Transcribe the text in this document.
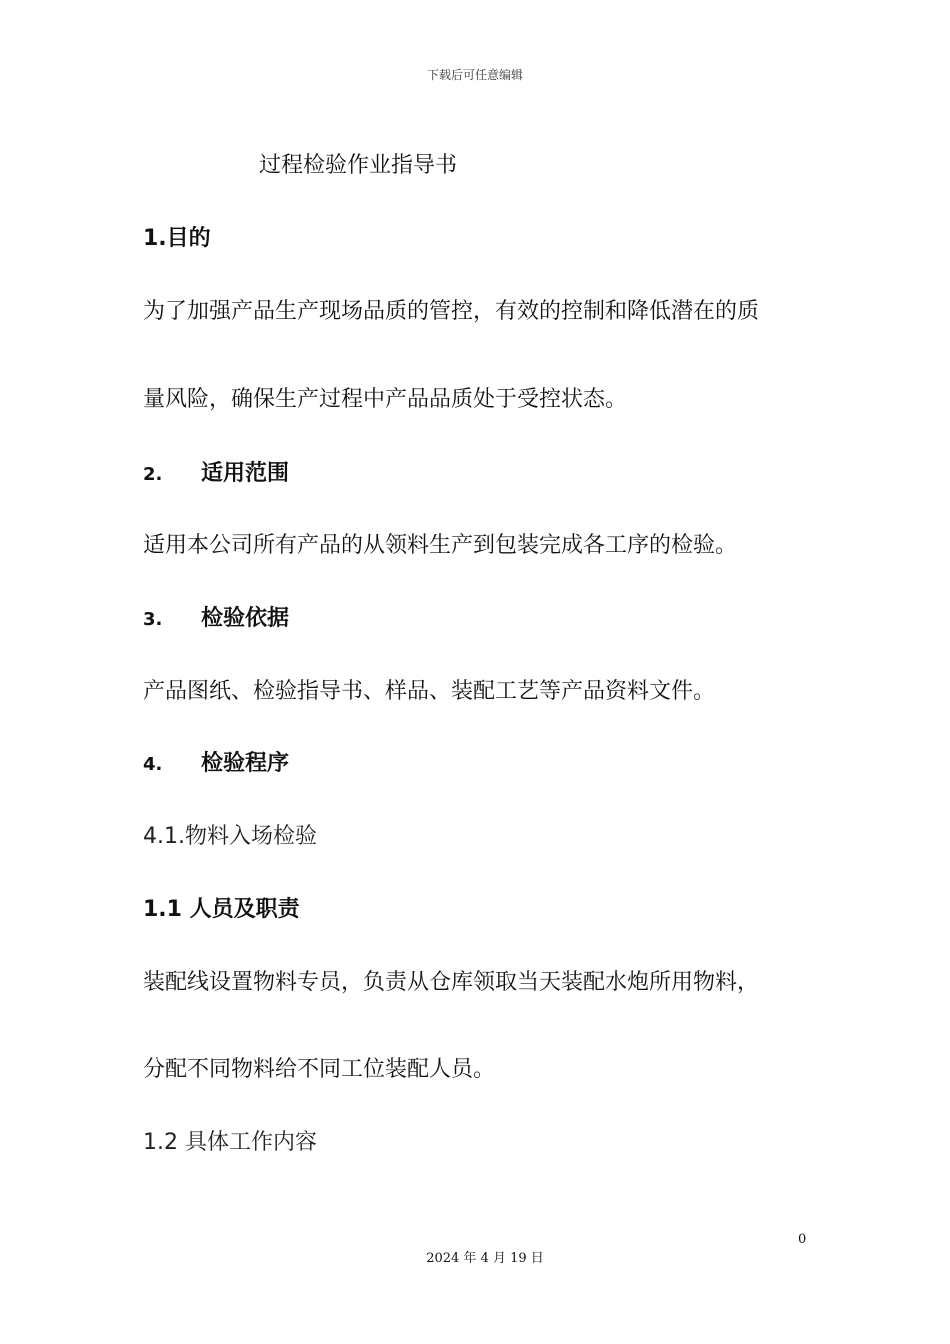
下载后可任意编辑
过程检验作业指导书
1.目的
为了加强产品生产现场品质的管控，有效的控制和降低潜在的质
量风险，确保生产过程中产品品质处于受控状态。
2. 适用范围
适用本公司所有产品的从领料生产到包装完成各工序的检验。
3. 检验依据
产品图纸、检验指导书、样品、装配工艺等产品资料文件。
4. 检验程序
4.1.物料入场检验
1.1 人员及职责
装配线设置物料专员，负责从仓库领取当天装配水炮所用物料，
分配不同物料给不同工位装配人员。
1.2 具体工作内容
0
2024 年 4 月 19 日
